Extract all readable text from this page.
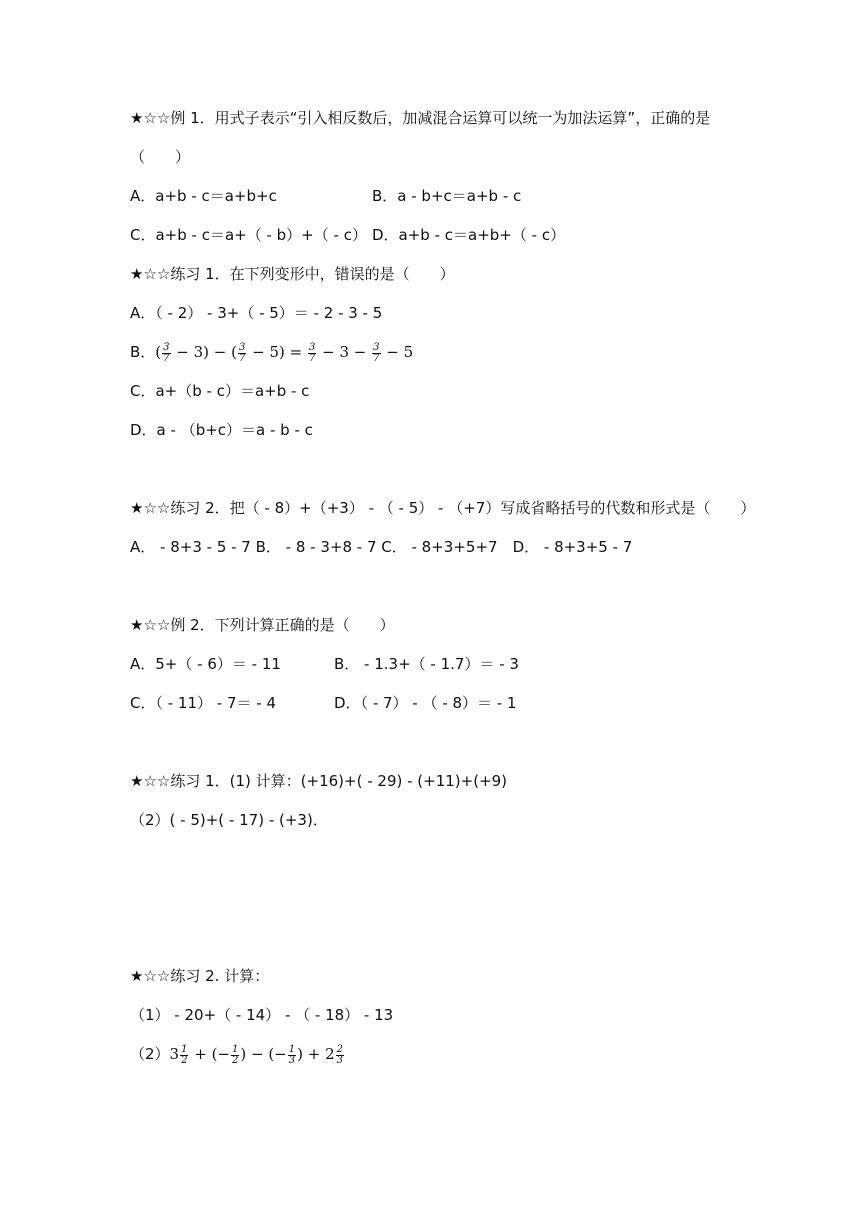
★☆☆例 1．用式子表示“引入相反数后，加减混合运算可以统一为加法运算”，正确的是
（　　）
A．a+b - c＝a+b+c	B．a - b+c＝a+b - c
C．a+b - c＝a+（ - b）+（ - c） D．a+b - c＝a+b+（ - c）
★☆☆练习 1．在下列变形中，错误的是（　　）
A．（ - 2） - 3+（ - 5）＝ - 2 - 3 - 5
B．( $\frac{3}{7} - 3$) − ( $\frac{3}{7} - 5) = \frac{3}{7} - 3 - \frac{3}{7} - 5$
C．a+（b - c）＝a+b - c
D．a - （b+c）＝a - b - c
★☆☆练习 2．把（ - 8）+（+3） - （ - 5） - （+7）写成省略括号的代数和形式是（　　）
A． - 8+3 - 5 - 7 B． - 8 - 3+8 - 7 C． - 8+3+5+7　D． - 8+3+5 - 7
★☆☆例 2．下列计算正确的是（　　）
A．5+（ - 6）＝ - 11	B． - 1.3+（ - 1.7）＝ - 3
C．（ - 11） - 7＝ - 4	D．（ - 7） - （ - 8）＝ - 1
★☆☆练习 1．(1) 计算：(+16)+( - 29) - (+11)+(+9)
（2）( - 5)+( - 17) - (+3)．
★☆☆练习 2. 计算：
（1） - 20+（ - 14） - （ - 18） - 13
$(2)3 \frac{1}{2}$ + (− $\frac{1}{2}$ ) − (− $\frac{1}{3}$ ) + $2 \frac{2}{3}$
